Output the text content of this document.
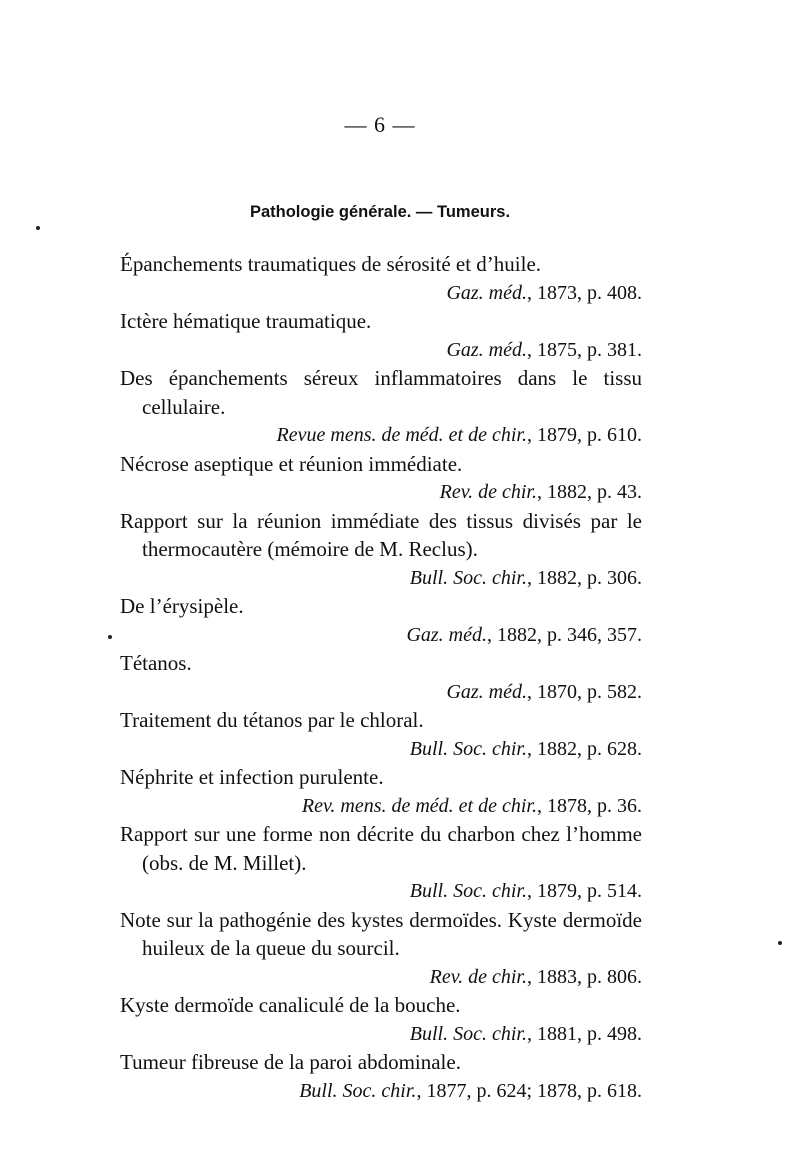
— 6 —
Pathologie générale. — Tumeurs.
Épanchements traumatiques de sérosité et d’huile.
Gaz. méd., 1873, p. 408.
Ictère hématique traumatique.
Gaz. méd., 1875, p. 381.
Des épanchements séreux inflammatoires dans le tissu cellulaire.
Revue mens. de méd. et de chir., 1879, p. 610.
Nécrose aseptique et réunion immédiate.
Rev. de chir., 1882, p. 43.
Rapport sur la réunion immédiate des tissus divisés par le thermocautère (mémoire de M. Reclus).
Bull. Soc. chir., 1882, p. 306.
De l’érysipèle.
Gaz. méd., 1882, p. 346, 357.
Tétanos.
Gaz. méd., 1870, p. 582.
Traitement du tétanos par le chloral.
Bull. Soc. chir., 1882, p. 628.
Néphrite et infection purulente.
Rev. mens. de méd. et de chir., 1878, p. 36.
Rapport sur une forme non décrite du charbon chez l’homme (obs. de M. Millet).
Bull. Soc. chir., 1879, p. 514.
Note sur la pathogénie des kystes dermoïdes. Kyste dermoïde huileux de la queue du sourcil.
Rev. de chir., 1883, p. 806.
Kyste dermoïde canaliculé de la bouche.
Bull. Soc. chir., 1881, p. 498.
Tumeur fibreuse de la paroi abdominale.
Bull. Soc. chir., 1877, p. 624; 1878, p. 618.
